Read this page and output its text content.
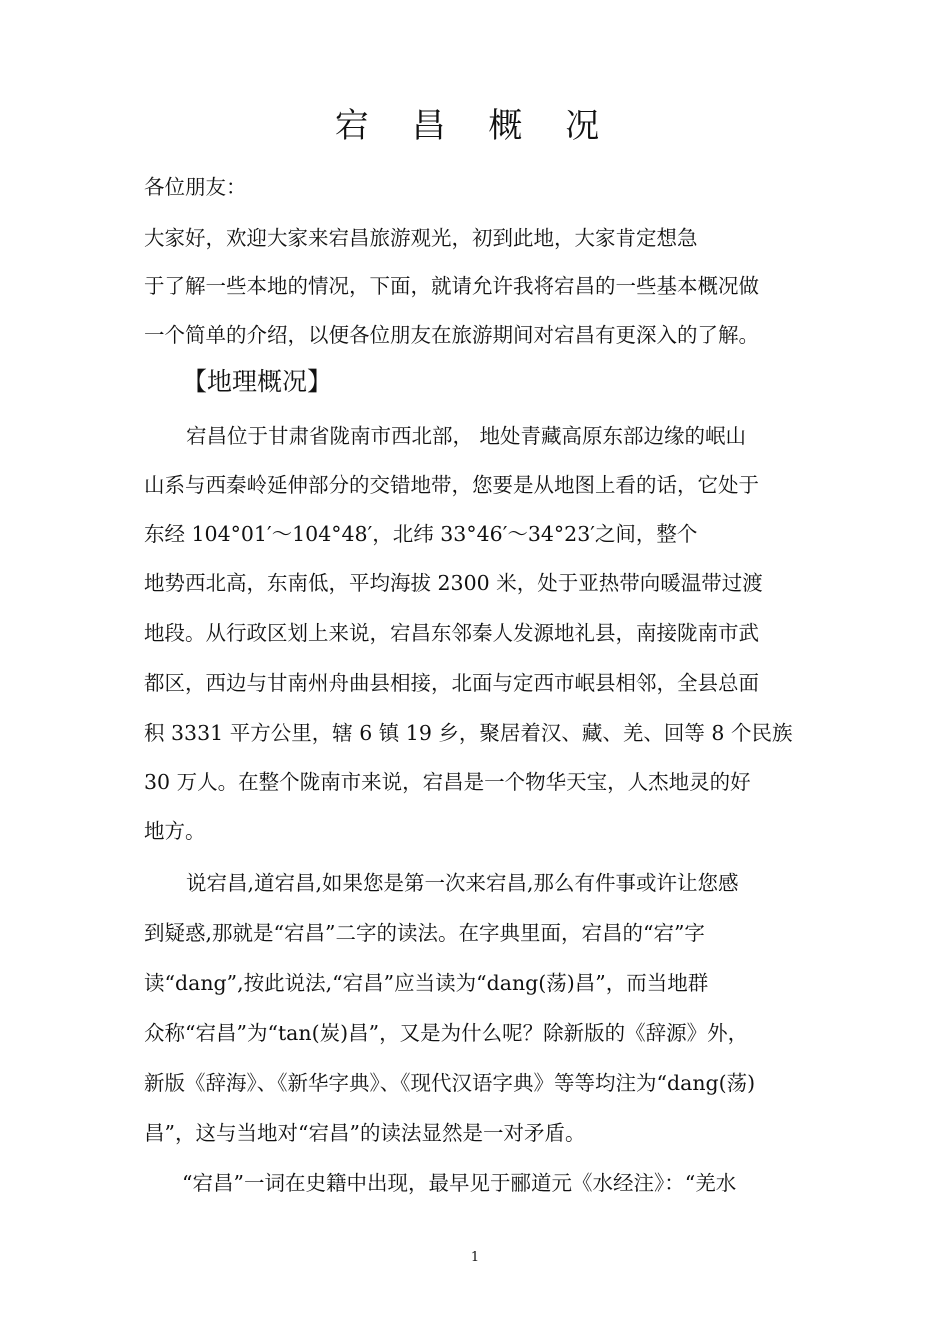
宕 昌 概 况
各位朋友：
大家好，欢迎大家来宕昌旅游观光，初到此地，大家肯定想急
于了解一些本地的情况，下面，就请允许我将宕昌的一些基本概况做
一个简单的介绍，以便各位朋友在旅游期间对宕昌有更深入的了解。
【地理概况】
宕昌位于甘肃省陇南市西北部， 地处青藏高原东部边缘的岷山
山系与西秦岭延伸部分的交错地带，您要是从地图上看的话，它处于
东经 104°01′～104°48′，北纬 33°46′～34°23′之间，整个
地势西北高，东南低，平均海拔 2300 米，处于亚热带向暖温带过渡
地段。从行政区划上来说，宕昌东邻秦人发源地礼县，南接陇南市武
都区，西边与甘南州舟曲县相接，北面与定西市岷县相邻，全县总面
积 3331 平方公里，辖 6 镇 19 乡，聚居着汉、藏、羌、回等 8 个民族
30 万人。在整个陇南市来说，宕昌是一个物华天宝，人杰地灵的好
地方。
说宕昌,道宕昌,如果您是第一次来宕昌,那么有件事或许让您感
到疑惑,那就是“宕昌”二字的读法。在字典里面，宕昌的“宕”字
读“dang”,按此说法,“宕昌”应当读为“dang(荡)昌”，而当地群
众称“宕昌”为“tan(炭)昌”，又是为什么呢？除新版的《辞源》外，
新版《辞海》、《新华字典》、《现代汉语字典》等等均注为“dang(荡)
昌”，这与当地对“宕昌”的读法显然是一对矛盾。
“宕昌”一词在史籍中出现，最早见于郦道元《水经注》：“羌水
1
